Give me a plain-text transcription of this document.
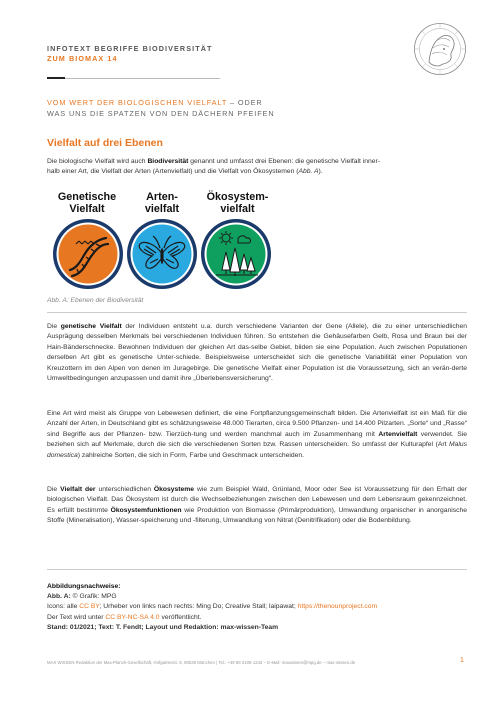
INFOTEXT BEGRIFFE BIODIVERSITÄT
ZUM BIOMAX 14
VOM WERT DER BIOLOGISCHEN VIELFALT – ODER
WAS UNS DIE SPATZEN VON DEN DÄCHERN PFEIFEN
Vielfalt auf drei Ebenen
Die biologische Vielfalt wird auch Biodiversität genannt und umfasst drei Ebenen: die genetische Vielfalt inner-
halb einer Art, die Vielfalt der Arten (Artenvielfalt) und die Vielfalt von Ökosystemen (Abb. A).
Genetische
Vielfalt
Arten-
vielfalt
Ökosystem-
vielfalt
Abb. A: Ebenen der Biodiversität
Die genetische Vielfalt der Individuen entsteht u.a. durch verschiedene Varianten der Gene (Allele), die zu einer unterschiedlichen Ausprägung desselben Merkmals bei verschiedenen Individuen führen. So entstehen die Gehäusefarben Gelb, Rosa und Braun bei der Hain-Bänderschnecke. Bewohnen Individuen der gleichen Art das-selbe Gebiet, bilden sie eine Population. Auch zwischen Populationen derselben Art gibt es genetische Unter-schiede. Beispielsweise unterscheidet sich die genetische Variabilität einer Population von Kreuzottern im den Alpen von denen im Juragebirge. Die genetische Vielfalt einer Population ist die Voraussetzung, sich an verän-derte Umweltbedingungen anzupassen und damit ihre „Überlebensversicherung“.
Eine Art wird meist als Gruppe von Lebewesen definiert, die eine Fortpflanzungsgemeinschaft bilden. Die Artenvielfalt ist ein Maß für die Anzahl der Arten, in Deutschland gibt es schätzungsweise 48.000 Tierarten, circa 9.500 Pflanzen- und 14.400 Pilzarten. „Sorte“ und „Rasse“ sind Begriffe aus der Pflanzen- bzw. Tierzüch-tung und werden manchmal auch im Zusammenhang mit Artenvielfalt verwendet. Sie beziehen sich auf Merkmale, durch die sich die verschiedenen Sorten bzw. Rassen unterscheiden. So umfasst der Kulturapfel (Art Malus domestica) zahlreiche Sorten, die sich in Form, Farbe und Geschmack unterscheiden.
Die Vielfalt der unterschiedlichen Ökosysteme wie zum Beispiel Wald, Grünland, Moor oder See ist Voraussetzung für den Erhalt der biologischen Vielfalt. Das Ökosystem ist durch die Wechselbeziehungen zwischen den Lebewesen und dem Lebensraum gekennzeichnet. Es erfüllt bestimmte Ökosystemfunktionen wie Produktion von Biomasse (Primärproduktion), Umwandlung organischer in anorganische Stoffe (Mineralisation), Wasser-speicherung und -filterung, Umwandlung von Nitrat (Denitrifikation) oder die Bodenbildung.
Abbildungsnachweise:
Abb. A: © Grafik: MPG
Icons: alle CC BY; Urheber von links nach rechts: Ming Do; Creative Stall; laipawat; https://thenounproject.com
Der Text wird unter CC BY-NC-SA 4.0 veröffentlicht.
Stand: 01/2021; Text: T. Fendt; Layout und Redaktion: max-wissen-Team
MAX WISSEN Redaktion der Max-Planck-Gesellschaft, Hofgartenstr. 8, 80539 München | Tel.: +49 89 2108-1242 – E-Mail: maxwissen@mpg.de – max-wissen.de	1
